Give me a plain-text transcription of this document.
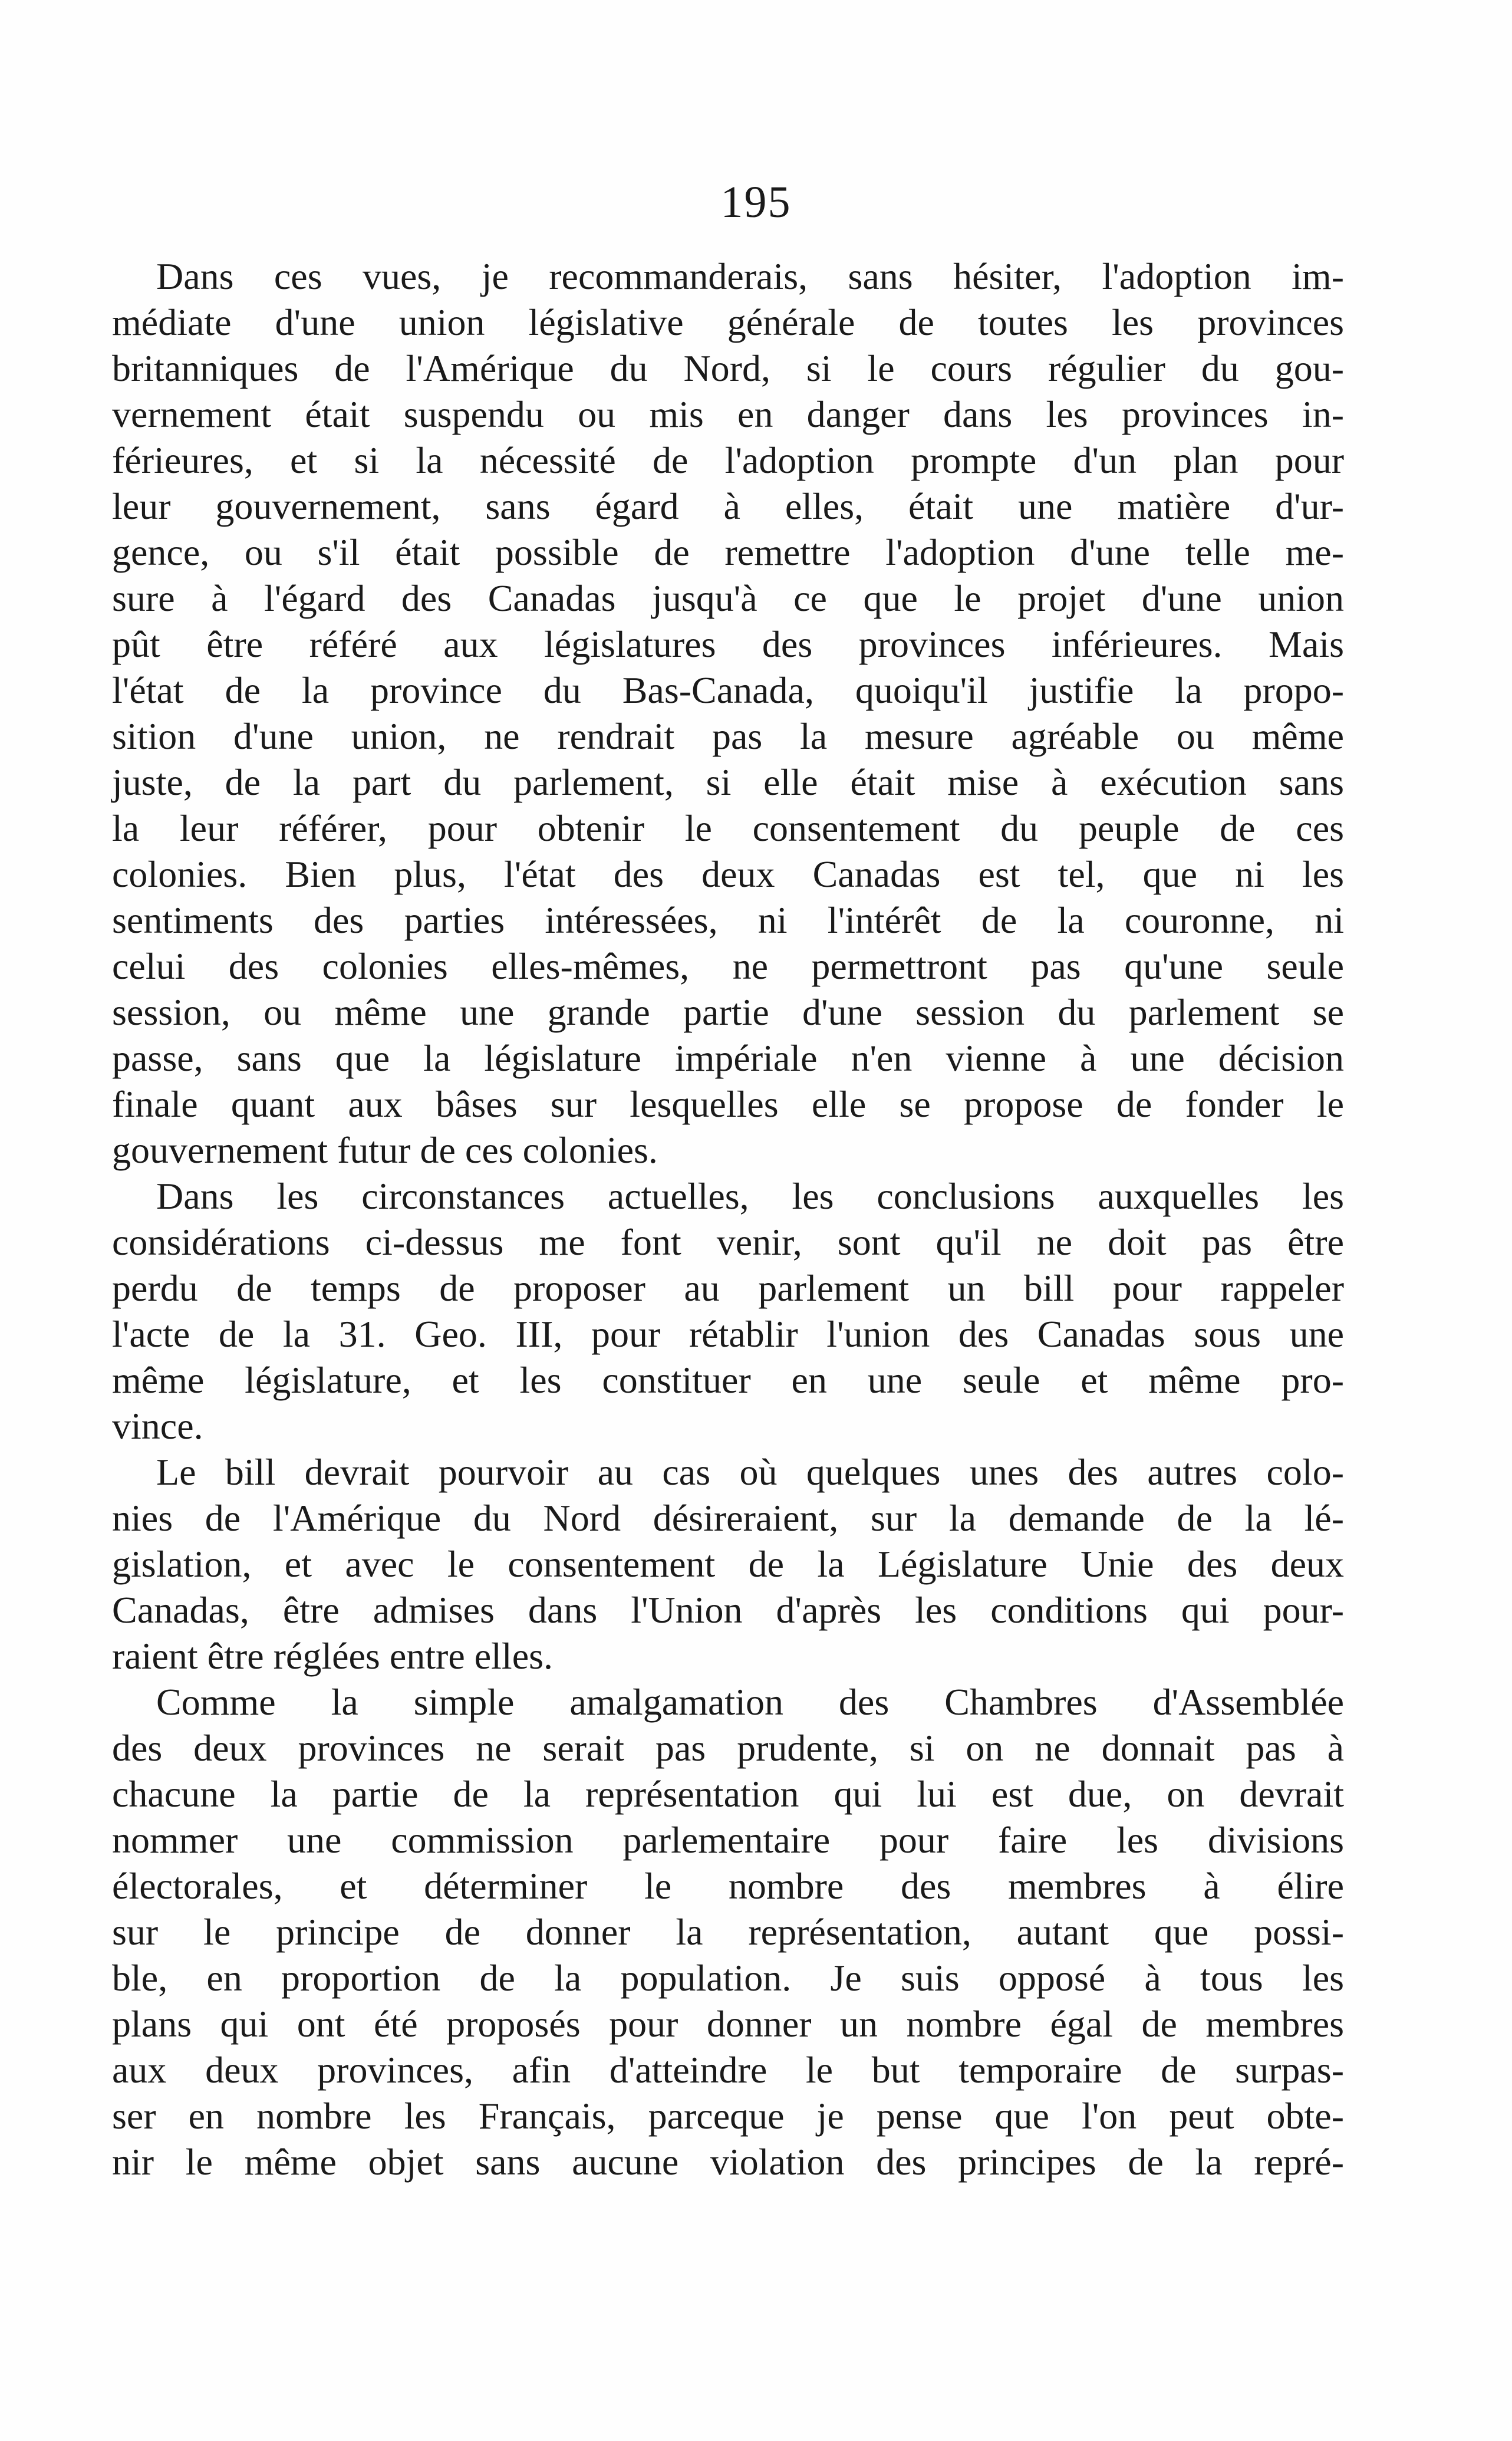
195
Dans ces vues, je recommanderais, sans hésiter, l'adoption im-
médiate d'une union législative générale de toutes les provinces
britanniques de l'Amérique du Nord, si le cours régulier du gou-
vernement était suspendu ou mis en danger dans les provinces in-
férieures, et si la nécessité de l'adoption prompte d'un plan pour
leur gouvernement, sans égard à elles, était une matière d'ur-
gence, ou s'il était possible de remettre l'adoption d'une telle me-
sure à l'égard des Canadas jusqu'à ce que le projet d'une union
pût être référé aux législatures des provinces inférieures. Mais
l'état de la province du Bas-Canada, quoiqu'il justifie la propo-
sition d'une union, ne rendrait pas la mesure agréable ou même
juste, de la part du parlement, si elle était mise à exécution sans
la leur référer, pour obtenir le consentement du peuple de ces
colonies. Bien plus, l'état des deux Canadas est tel, que ni les
sentiments des parties intéressées, ni l'intérêt de la couronne, ni
celui des colonies elles-mêmes, ne permettront pas qu'une seule
session, ou même une grande partie d'une session du parlement se
passe, sans que la législature impériale n'en vienne à une décision
finale quant aux bâses sur lesquelles elle se propose de fonder le
gouvernement futur de ces colonies.
Dans les circonstances actuelles, les conclusions auxquelles les
considérations ci-dessus me font venir, sont qu'il ne doit pas être
perdu de temps de proposer au parlement un bill pour rappeler
l'acte de la 31. Geo. III, pour rétablir l'union des Canadas sous une
même législature, et les constituer en une seule et même pro-
vince.
Le bill devrait pourvoir au cas où quelques unes des autres colo-
nies de l'Amérique du Nord désireraient, sur la demande de la lé-
gislation, et avec le consentement de la Législature Unie des deux
Canadas, être admises dans l'Union d'après les conditions qui pour-
raient être réglées entre elles.
Comme la simple amalgamation des Chambres d'Assemblée
des deux provinces ne serait pas prudente, si on ne donnait pas à
chacune la partie de la représentation qui lui est due, on devrait
nommer une commission parlementaire pour faire les divisions
électorales, et déterminer le nombre des membres à élire
sur le principe de donner la représentation, autant que possi-
ble, en proportion de la population. Je suis opposé à tous les
plans qui ont été proposés pour donner un nombre égal de membres
aux deux provinces, afin d'atteindre le but temporaire de surpas-
ser en nombre les Français, parceque je pense que l'on peut obte-
nir le même objet sans aucune violation des principes de la repré-
